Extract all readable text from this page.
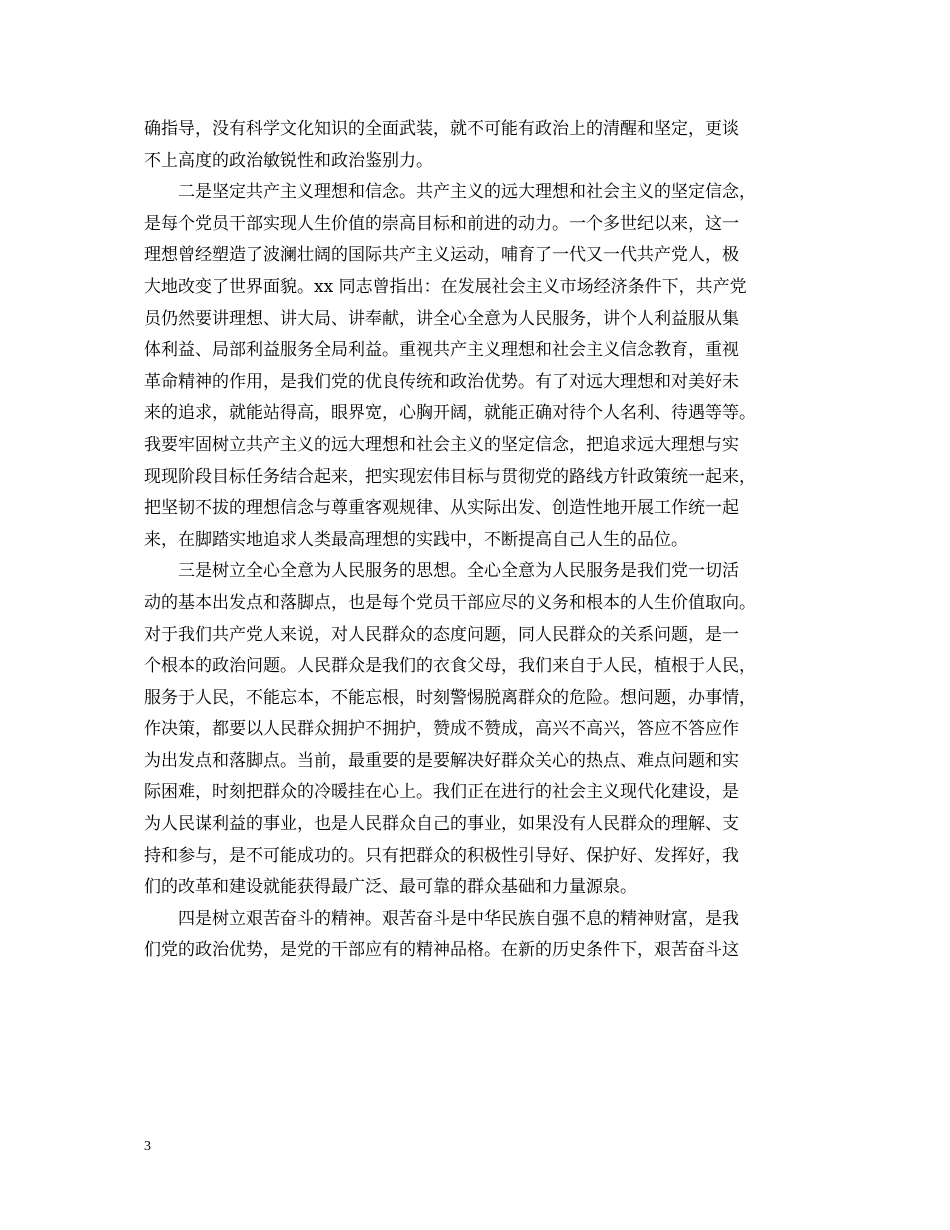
确指导，没有科学文化知识的全面武装，就不可能有政治上的清醒和坚定，更谈
不上高度的政治敏锐性和政治鉴别力。
二是坚定共产主义理想和信念。共产主义的远大理想和社会主义的坚定信念，
是每个党员干部实现人生价值的崇高目标和前进的动力。一个多世纪以来，这一
理想曾经塑造了波澜壮阔的国际共产主义运动，哺育了一代又一代共产党人，极
大地改变了世界面貌。xx 同志曾指出：在发展社会主义市场经济条件下，共产党
员仍然要讲理想、讲大局、讲奉献，讲全心全意为人民服务，讲个人利益服从集
体利益、局部利益服务全局利益。重视共产主义理想和社会主义信念教育，重视
革命精神的作用，是我们党的优良传统和政治优势。有了对远大理想和对美好未
来的追求，就能站得高，眼界宽，心胸开阔，就能正确对待个人名利、待遇等等。
我要牢固树立共产主义的远大理想和社会主义的坚定信念，把追求远大理想与实
现现阶段目标任务结合起来，把实现宏伟目标与贯彻党的路线方针政策统一起来，
把坚韧不拔的理想信念与尊重客观规律、从实际出发、创造性地开展工作统一起
来，在脚踏实地追求人类最高理想的实践中，不断提高自己人生的品位。
三是树立全心全意为人民服务的思想。全心全意为人民服务是我们党一切活
动的基本出发点和落脚点，也是每个党员干部应尽的义务和根本的人生价值取向。
对于我们共产党人来说，对人民群众的态度问题，同人民群众的关系问题，是一
个根本的政治问题。人民群众是我们的衣食父母，我们来自于人民，植根于人民，
服务于人民，不能忘本，不能忘根，时刻警惕脱离群众的危险。想问题，办事情，
作决策，都要以人民群众拥护不拥护，赞成不赞成，高兴不高兴，答应不答应作
为出发点和落脚点。当前，最重要的是要解决好群众关心的热点、难点问题和实
际困难，时刻把群众的冷暖挂在心上。我们正在进行的社会主义现代化建设，是
为人民谋利益的事业，也是人民群众自己的事业，如果没有人民群众的理解、支
持和参与，是不可能成功的。只有把群众的积极性引导好、保护好、发挥好，我
们的改革和建设就能获得最广泛、最可靠的群众基础和力量源泉。
四是树立艰苦奋斗的精神。艰苦奋斗是中华民族自强不息的精神财富，是我
们党的政治优势，是党的干部应有的精神品格。在新的历史条件下，艰苦奋斗这
3
